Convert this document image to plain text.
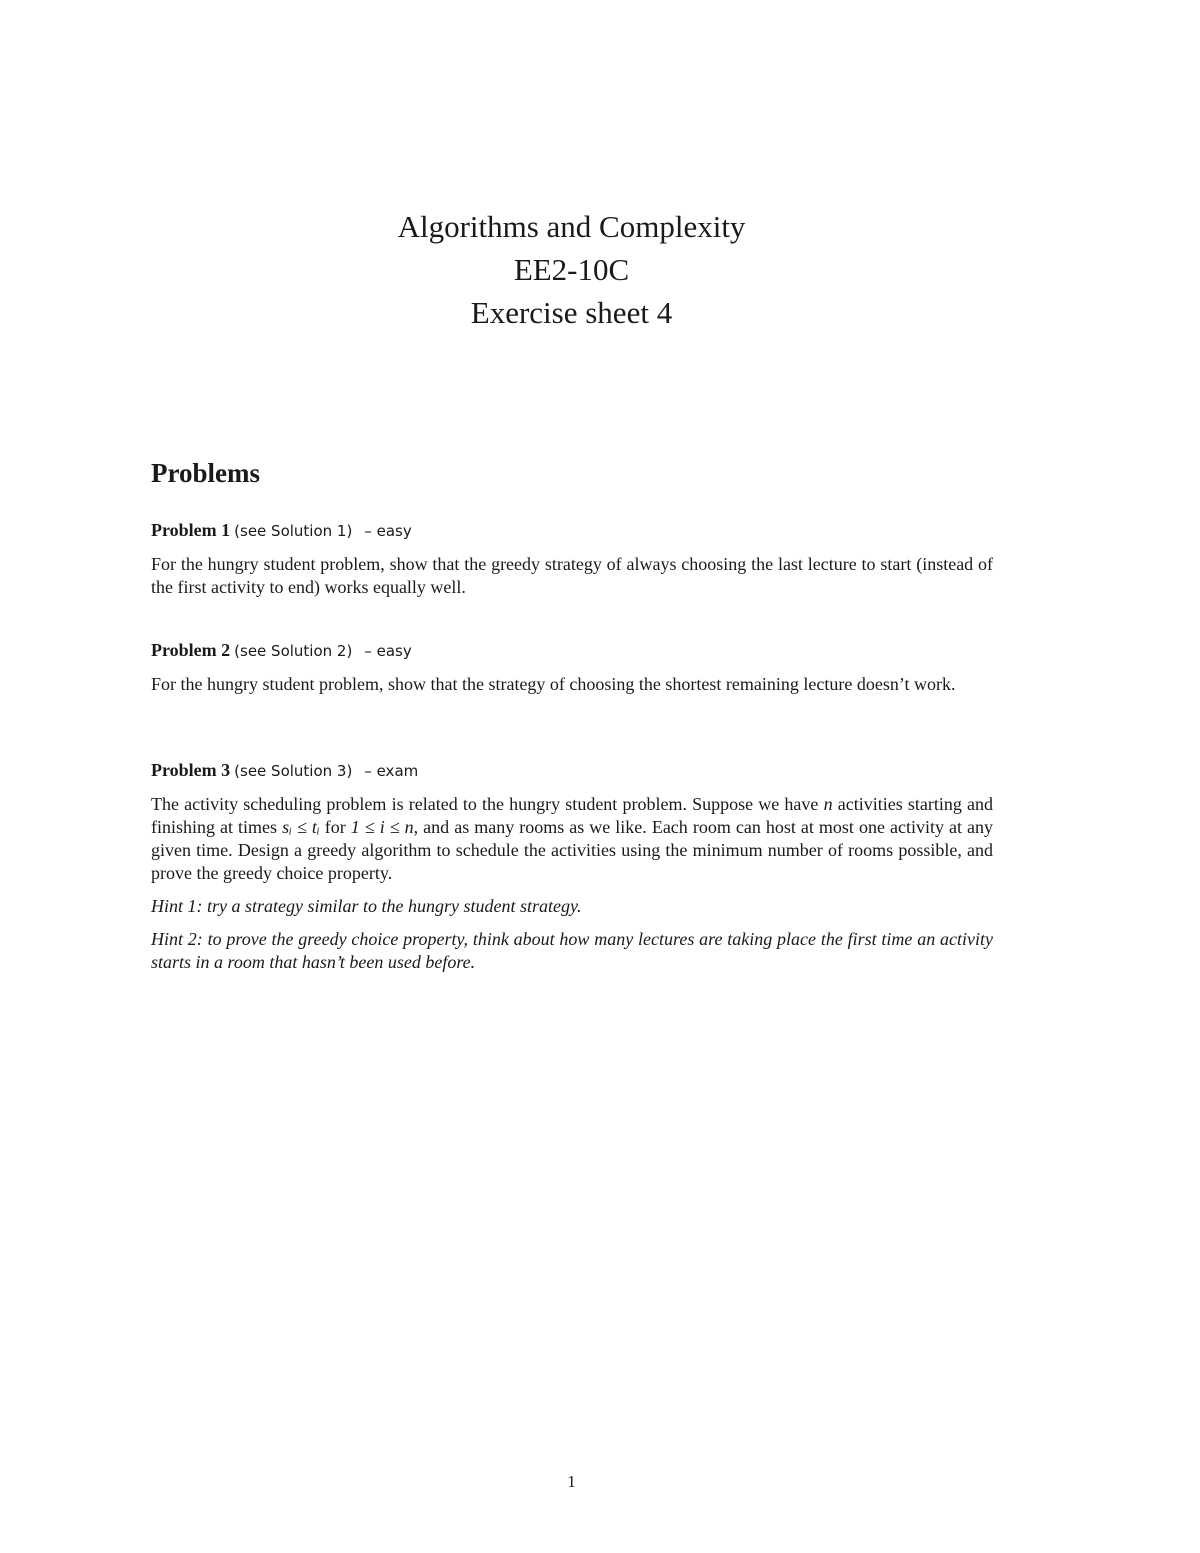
Algorithms and Complexity
EE2-10C
Exercise sheet 4
Problems

Problem 1 (see Solution 1) – easy

For the hungry student problem, show that the greedy strategy of always choosing the last lecture to start (instead of the first activity to end) works equally well.

Problem 2 (see Solution 2) – easy

For the hungry student problem, show that the strategy of choosing the shortest remaining lecture doesn’t work.

Problem 3 (see Solution 3) – exam

The activity scheduling problem is related to the hungry student problem. Suppose we have n activities starting and finishing at times sᵢ ≤ tᵢ for 1 ≤ i ≤ n, and as many rooms as we like. Each room can host at most one activity at any given time. Design a greedy algorithm to schedule the activities using the minimum number of rooms possible, and prove the greedy choice property.

Hint 1: try a strategy similar to the hungry student strategy.

Hint 2: to prove the greedy choice property, think about how many lectures are taking place the first time an activity starts in a room that hasn’t been used before.

1
